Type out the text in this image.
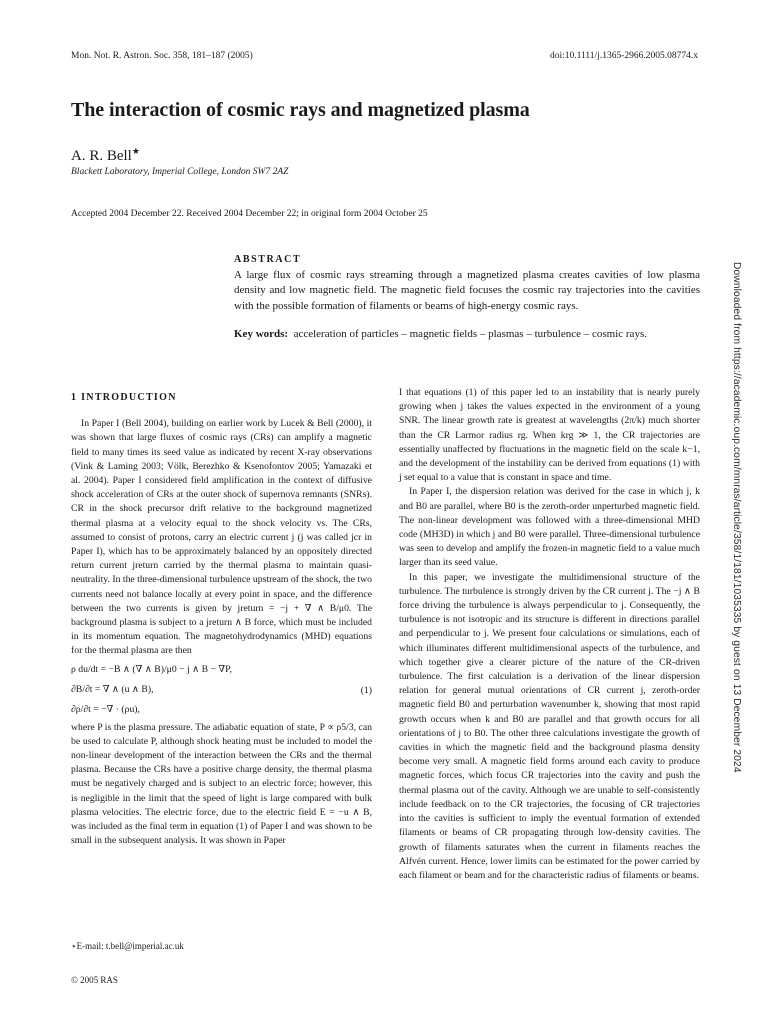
Mon. Not. R. Astron. Soc. 358, 181–187 (2005)	doi:10.1111/j.1365-2966.2005.08774.x
The interaction of cosmic rays and magnetized plasma
A. R. Bell★
Blackett Laboratory, Imperial College, London SW7 2AZ
Accepted 2004 December 22. Received 2004 December 22; in original form 2004 October 25
ABSTRACT
A large flux of cosmic rays streaming through a magnetized plasma creates cavities of low plasma density and low magnetic field. The magnetic field focuses the cosmic ray trajectories into the cavities with the possible formation of filaments or beams of high-energy cosmic rays.
Key words: acceleration of particles – magnetic fields – plasmas – turbulence – cosmic rays.	Downloaded from https://academic.oup.com/mnras/article/358/1/181/1035335 by guest on 13 December 2024
1 INTRODUCTION

In Paper I (Bell 2004), building on earlier work by Lucek & Bell (2000), it was shown that large fluxes of cosmic rays (CRs) can amplify a magnetic field to many times its seed value as indicated by recent X-ray observations (Vink & Laming 2003; Völk, Berezhko & Ksenofontov 2005; Yamazaki et al. 2004). Paper I considered field amplification in the context of diffusive shock acceleration of CRs at the outer shock of supernova remnants (SNRs). CR in the shock precursor drift relative to the background magnetized thermal plasma at a velocity equal to the shock velocity vs. The CRs, assumed to consist of protons, carry an electric current j (j was called jcr in Paper I), which has to be approximately balanced by an oppositely directed return current jreturn carried by the thermal plasma to maintain quasi-neutrality. In the three-dimensional turbulence upstream of the shock, the two currents need not balance locally at every point in space, and the difference between the two currents is given by jreturn = −j + ∇ ∧ B/μ0. The background plasma is subject to a jreturn ∧ B force, which must be included in its momentum equation. The magnetohydrodynamics (MHD) equations for the thermal plasma are then

ρ du/dt = −B ∧ (∇ ∧ B)/μ0 − j ∧ B − ∇P,
∂B/∂t = ∇ ∧ (u ∧ B),
∂ρ/∂t = −∇ · (ρu),
(1)

where P is the plasma pressure. The adiabatic equation of state, P ∝ ρ5/3, can be used to calculate P, although shock heating must be included to model the non-linear development of the interaction between the CRs and the thermal plasma. Because the CRs have a positive charge density, the thermal plasma must be negatively charged and is subject to an electric force; however, this is negligible in the limit that the speed of light is large compared with bulk plasma velocities. The electric force, due to the electric field E = −u ∧ B, was included as the final term in equation (1) of Paper I and was shown to be small in the subsequent analysis. It was shown in Paper

I that equations (1) of this paper led to an instability that is nearly purely growing when j takes the values expected in the environment of a young SNR. The linear growth rate is greatest at wavelengths (2π/k) much shorter than the CR Larmor radius rg. When krg ≫ 1, the CR trajectories are essentially unaffected by fluctuations in the magnetic field on the scale k−1, and the development of the instability can be derived from equations (1) with j set equal to a value that is constant in space and time.

In Paper I, the dispersion relation was derived for the case in which j, k and B0 are parallel, where B0 is the zeroth-order unperturbed magnetic field. The non-linear development was followed with a three-dimensional MHD code (MH3D) in which j and B0 were parallel. Three-dimensional turbulence was seen to develop and amplify the frozen-in magnetic field to a value much larger than its seed value.

In this paper, we investigate the multidimensional structure of the turbulence. The turbulence is strongly driven by the CR current j. The −j ∧ B force driving the turbulence is always perpendicular to j. Consequently, the turbulence is not isotropic and its structure is different in directions parallel and perpendicular to j. We present four calculations or simulations, each of which illuminates different multidimensional aspects of the turbulence, and which together give a clearer picture of the nature of the CR-driven turbulence. The first calculation is a derivation of the linear dispersion relation for general mutual orientations of CR current j, zeroth-order magnetic field B0 and perturbation wavenumber k, showing that most rapid growth occurs when k and B0 are parallel and that growth occurs for all orientations of j to B0. The other three calculations investigate the growth of cavities in which the magnetic field and the background plasma density become very small. A magnetic field forms around each cavity to produce magnetic forces, which focus CR trajectories into the cavity and push the thermal plasma out of the cavity. Although we are unable to self-consistently include feedback on to the CR trajectories, the focusing of CR trajectories into the cavities is sufficient to imply the eventual formation of extended filaments or beams of CR propagating through low-density cavities. The growth of filaments saturates when the current in filaments reaches the Alfvén current. Hence, lower limits can be estimated for the power carried by each filament or beam and for the characteristic radius of filaments or beams.

⋆E-mail: t.bell@imperial.ac.uk
© 2005 RAS
